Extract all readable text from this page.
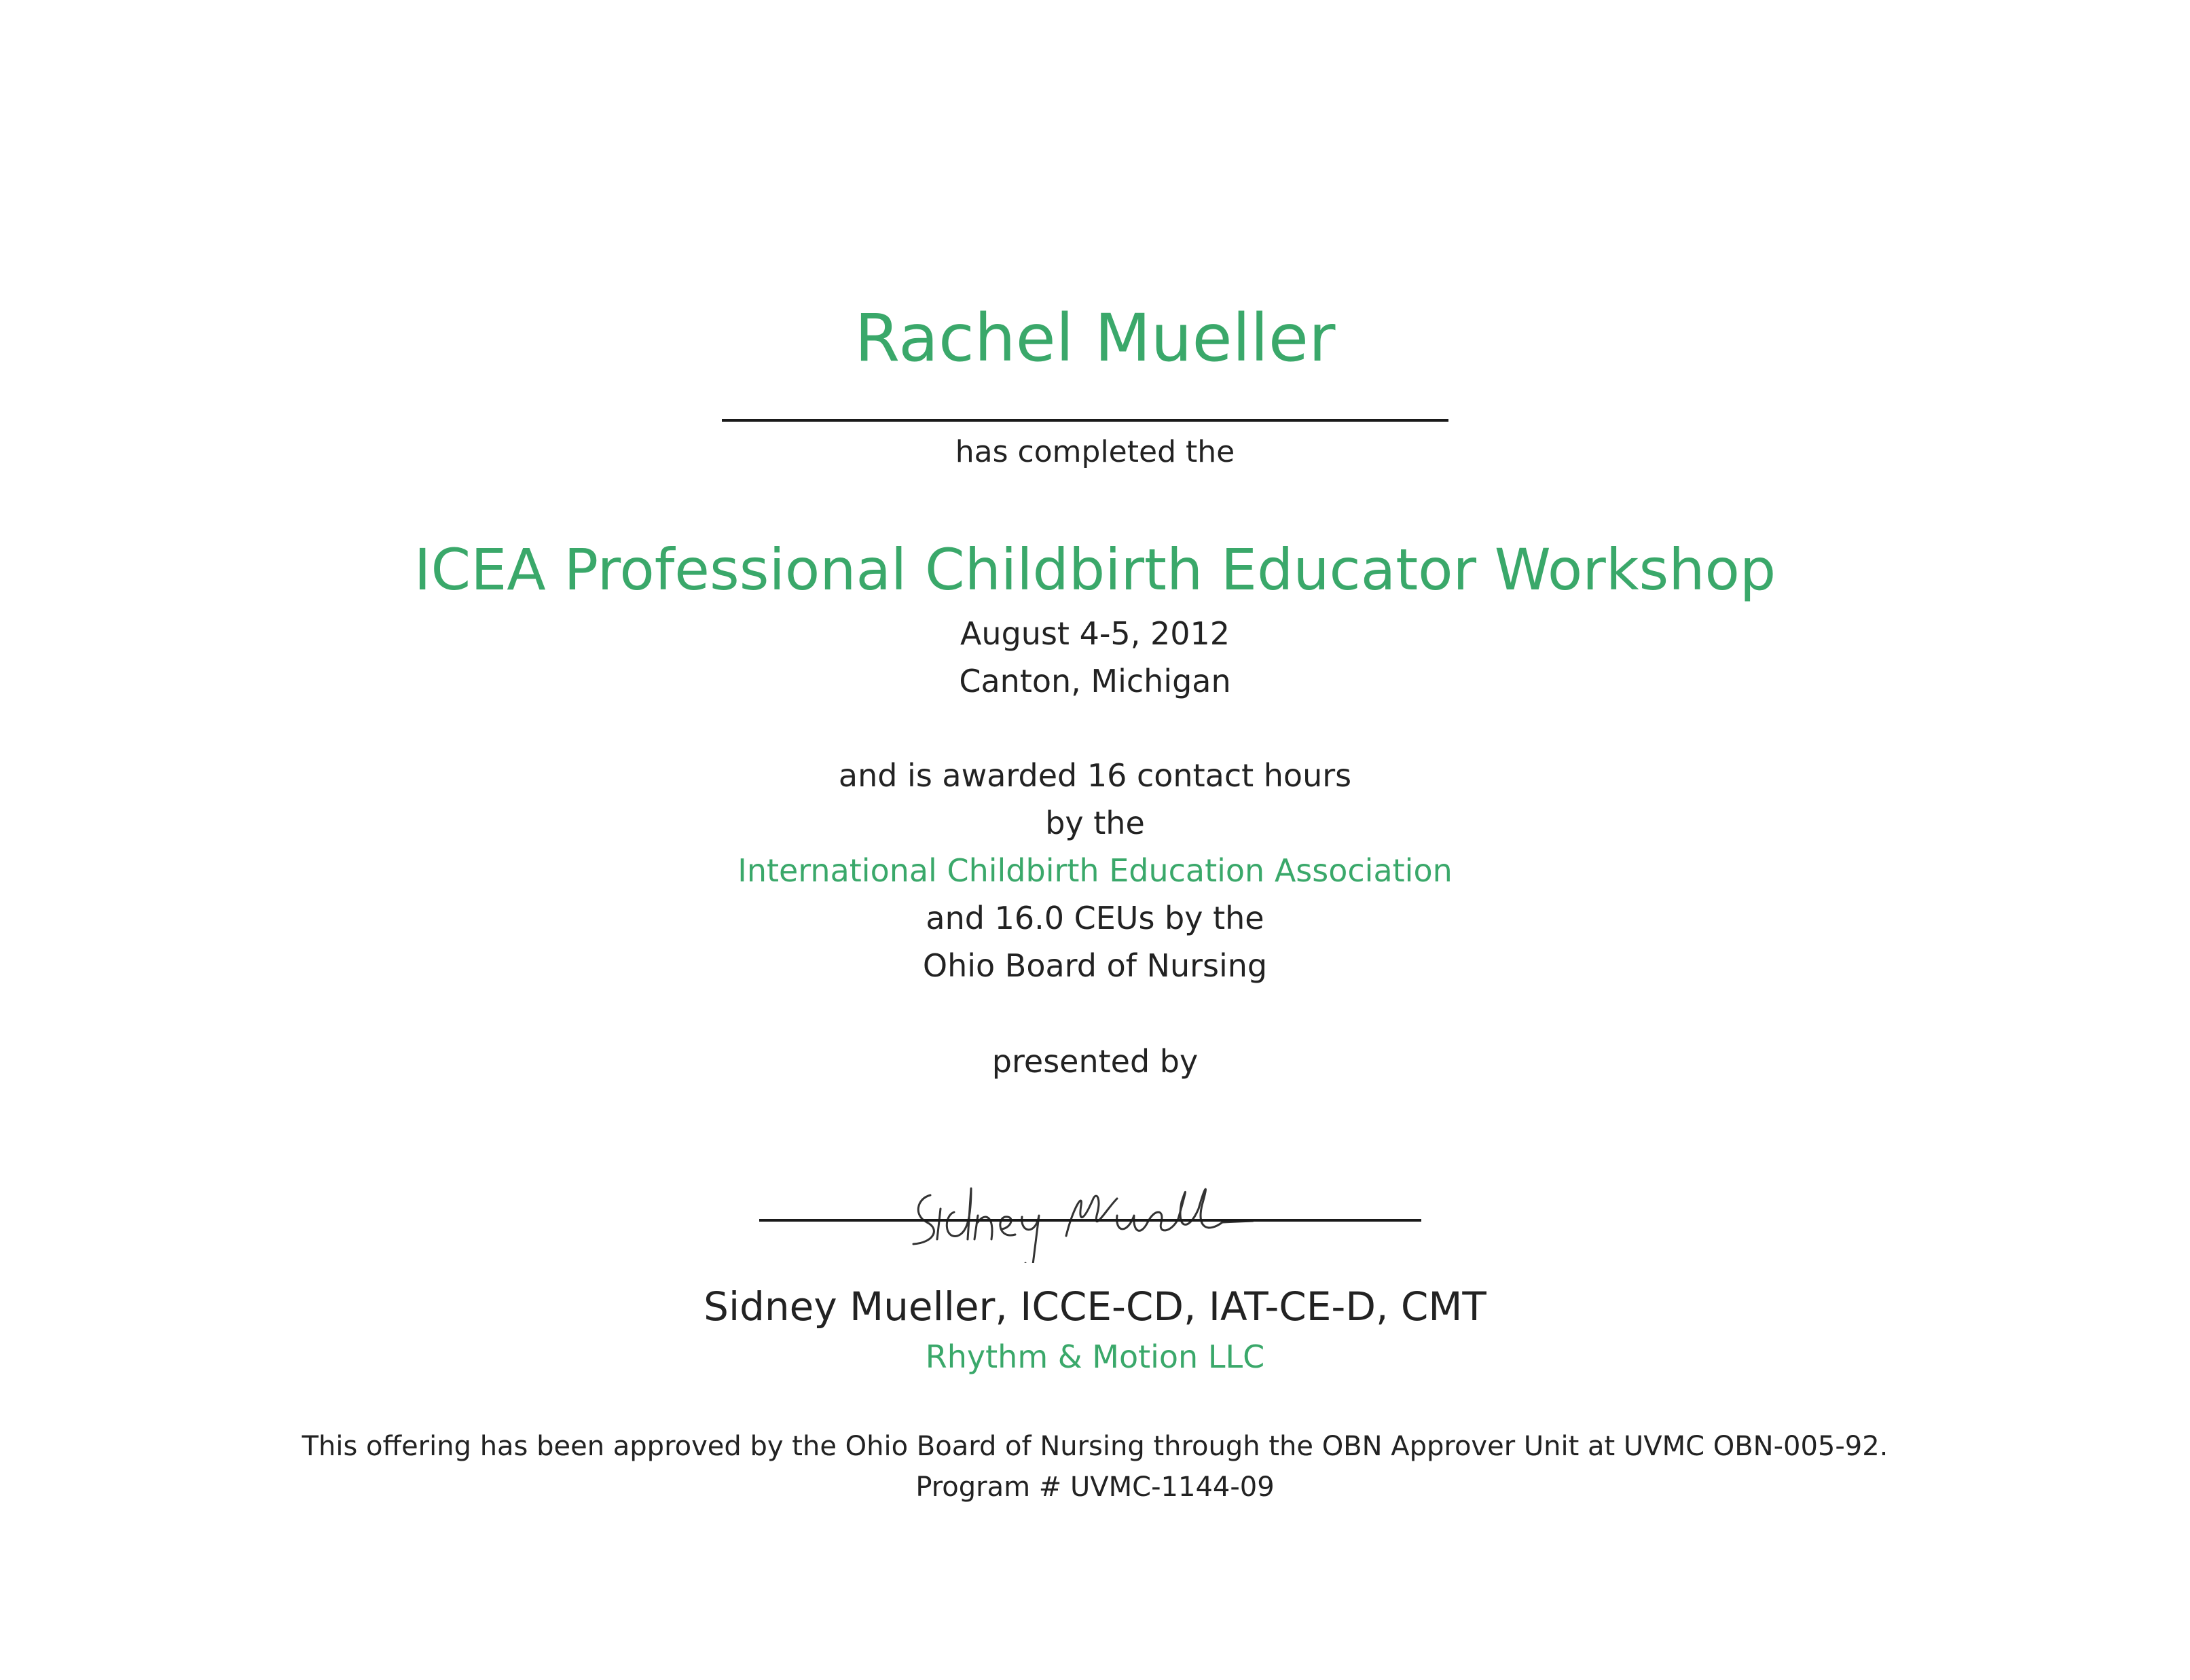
Rachel Mueller
has completed the
ICEA Professional Childbirth Educator Workshop
August 4-5, 2012
Canton, Michigan
and is awarded 16 contact hours
by the
International Childbirth Education Association
and 16.0 CEUs by the
Ohio Board of Nursing
presented by
Sidney Mueller, ICCE-CD, IAT-CE-D, CMT
Rhythm & Motion LLC
This offering has been approved by the Ohio Board of Nursing through the OBN Approver Unit at UVMC OBN-005-92.
Program # UVMC-1144-09
